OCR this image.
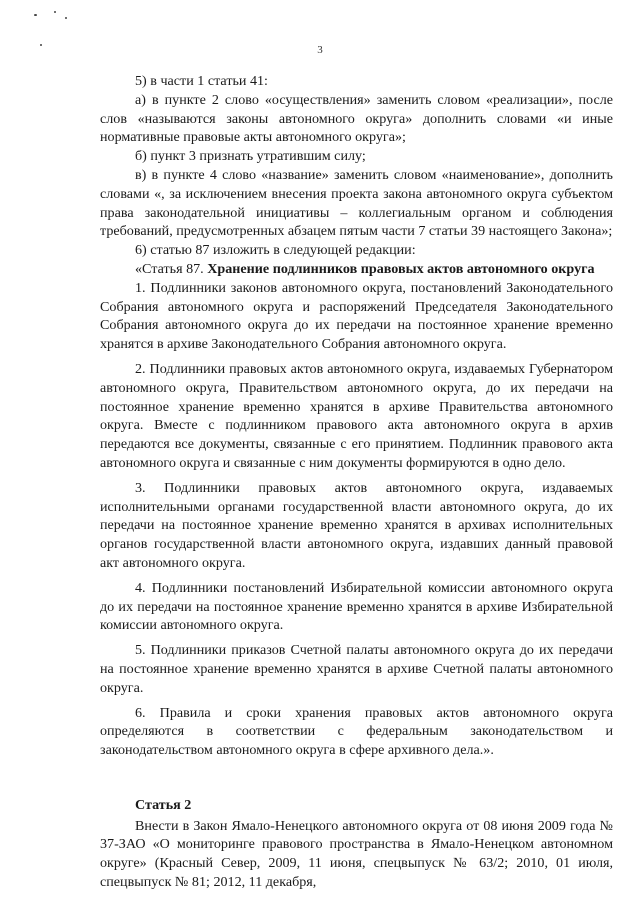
3

5) в части 1 статьи 41:

а) в пункте 2 слово «осуществления» заменить словом «реализации», после слов «называются законы автономного округа» дополнить словами «и иные нормативные правовые акты автономного округа»;

б) пункт 3 признать утратившим силу;

в) в пункте 4 слово «название» заменить словом «наименование», дополнить словами «, за исключением внесения проекта закона автономного округа субъектом права законодательной инициативы – коллегиальным органом и соблюдения требований, предусмотренных абзацем пятым части 7 статьи 39 настоящего Закона»;

6) статью 87 изложить в следующей редакции:

«Статья 87. Хранение подлинников правовых актов автономного округа

1. Подлинники законов автономного округа, постановлений Законодательного Собрания автономного округа и распоряжений Председателя Законодательного Собрания автономного округа до их передачи на постоянное хранение временно хранятся в архиве Законодательного Собрания автономного округа.

2. Подлинники правовых актов автономного округа, издаваемых Губернатором автономного округа, Правительством автономного округа, до их передачи на постоянное хранение временно хранятся в архиве Правительства автономного округа. Вместе с подлинником правового акта автономного округа в архив передаются все документы, связанные с его принятием. Подлинник правового акта автономного округа и связанные с ним документы формируются в одно дело.

3. Подлинники правовых актов автономного округа, издаваемых исполнительными органами государственной власти автономного округа, до их передачи на постоянное хранение временно хранятся в архивах исполнительных органов государственной власти автономного округа, издавших данный правовой акт автономного округа.

4. Подлинники постановлений Избирательной комиссии автономного округа до их передачи на постоянное хранение временно хранятся в архиве Избирательной комиссии автономного округа.

5. Подлинники приказов Счетной палаты автономного округа до их передачи на постоянное хранение временно хранятся в архиве Счетной палаты автономного округа.

6. Правила и сроки хранения правовых актов автономного округа определяются в соответствии с федеральным законодательством и законодательством автономного округа в сфере архивного дела.».

Статья 2

Внести в Закон Ямало-Ненецкого автономного округа от 08 июня 2009 года № 37-ЗАО «О мониторинге правового пространства в Ямало-Ненецком автономном округе» (Красный Север, 2009, 11 июня, спецвыпуск № 63/2; 2010, 01 июля, спецвыпуск № 81; 2012, 11 декабря,
